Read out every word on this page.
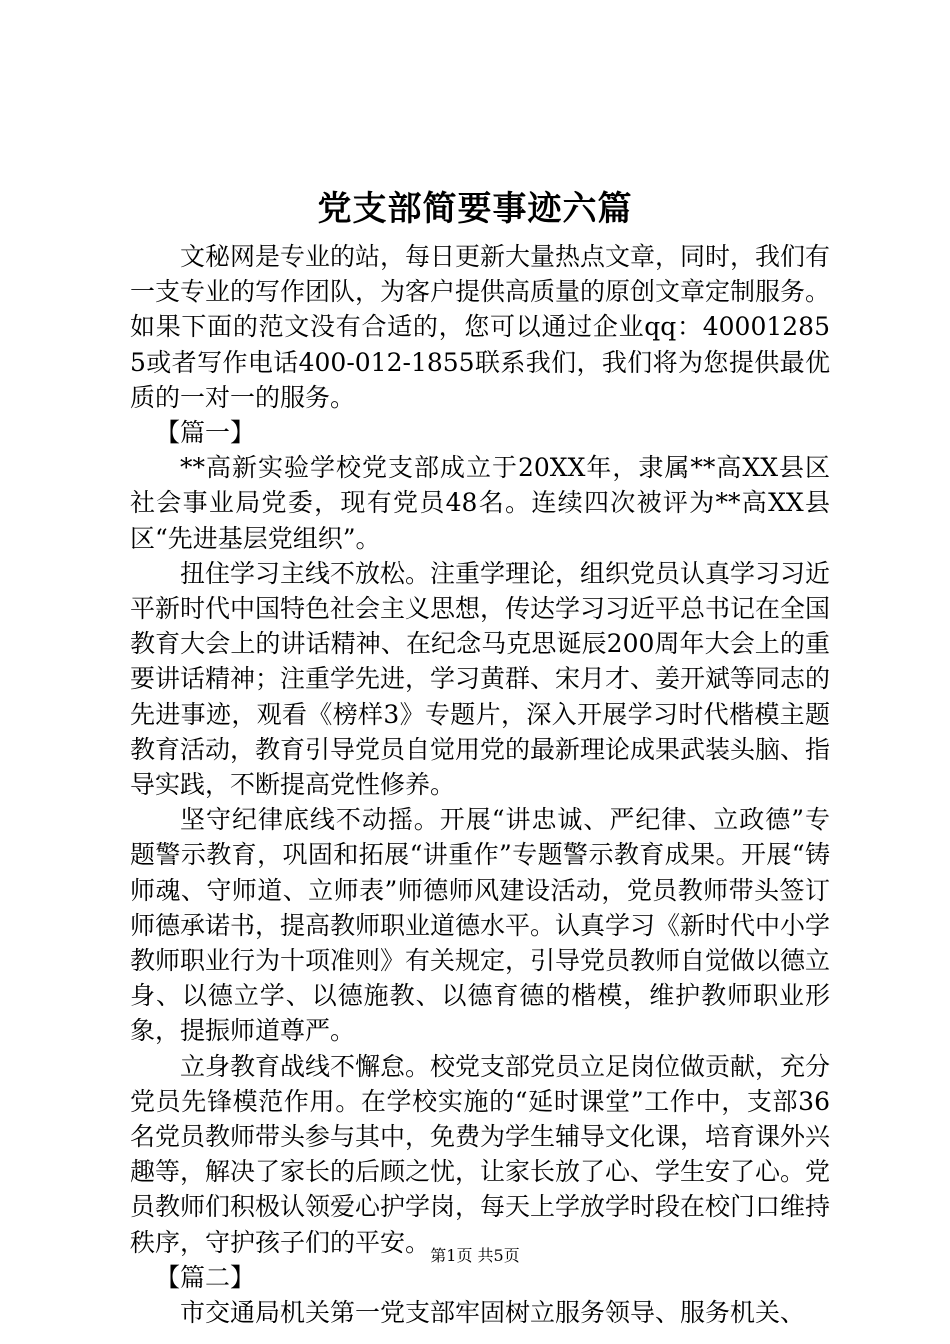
党支部简要事迹六篇

文秘网是专业的站，每日更新大量热点文章，同时，我们有一支专业的写作团队，为客户提供高质量的原创文章定制服务。如果下面的范文没有合适的，您可以通过企业qq：400012855或者写作电话400-012-1855联系我们，我们将为您提供最优质的一对一的服务。

【篇一】

**高新实验学校党支部成立于20XX年，隶属**高XX县区社会事业局党委，现有党员48名。连续四次被评为**高XX县区“先进基层党组织”。

扭住学习主线不放松。注重学理论，组织党员认真学习习近平新时代中国特色社会主义思想，传达学习习近平总书记在全国教育大会上的讲话精神、在纪念马克思诞辰200周年大会上的重要讲话精神；注重学先进，学习黄群、宋月才、姜开斌等同志的先进事迹，观看《榜样3》专题片，深入开展学习时代楷模主题教育活动，教育引导党员自觉用党的最新理论成果武装头脑、指导实践，不断提高党性修养。

坚守纪律底线不动摇。开展“讲忠诚、严纪律、立政德”专题警示教育，巩固和拓展“讲重作”专题警示教育成果。开展“铸师魂、守师道、立师表”师德师风建设活动，党员教师带头签订师德承诺书，提高教师职业道德水平。认真学习《新时代中小学教师职业行为十项准则》有关规定，引导党员教师自觉做以德立身、以德立学、以德施教、以德育德的楷模，维护教师职业形象，提振师道尊严。

立身教育战线不懈怠。校党支部党员立足岗位做贡献，充分党员先锋模范作用。在学校实施的“延时课堂”工作中，支部36名党员教师带头参与其中，免费为学生辅导文化课，培育课外兴趣等，解决了家长的后顾之忧，让家长放了心、学生安了心。党员教师们积极认领爱心护学岗，每天上学放学时段在校门口维持秩序，守护孩子们的平安。

【篇二】

市交通局机关第一党支部牢固树立服务领导、服务机关、

第1页 共5页
